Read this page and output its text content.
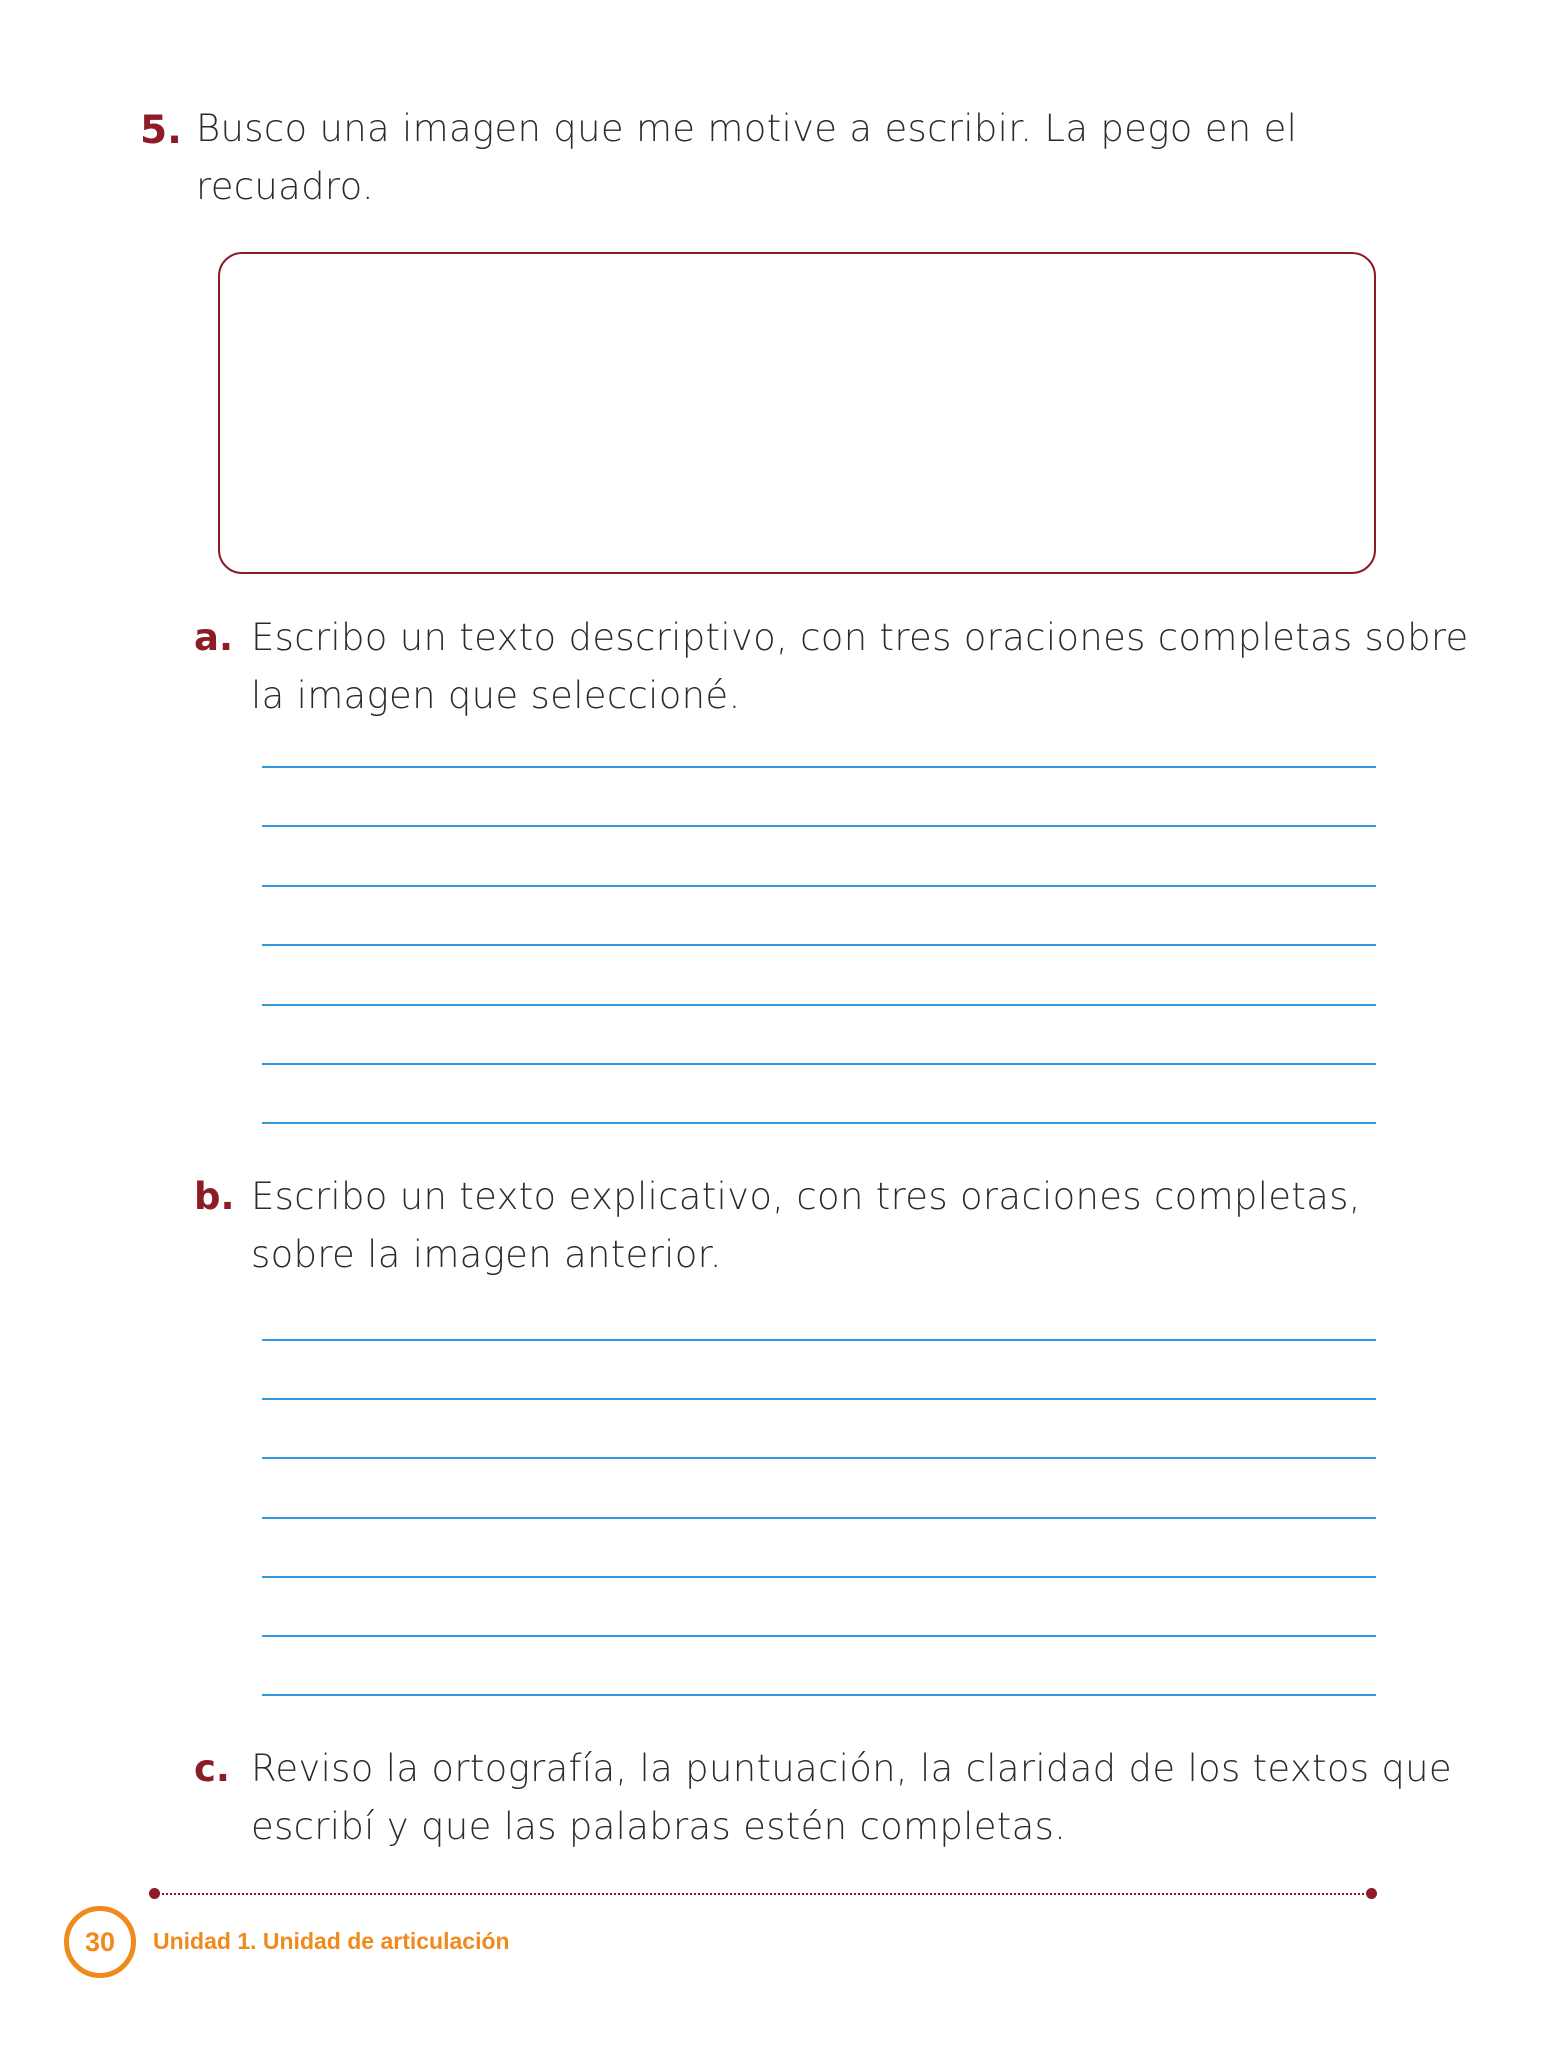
5. Busco una imagen que me motive a escribir. La pego en el
recuadro.
a. Escribo un texto descriptivo, con tres oraciones completas sobre
la imagen que seleccioné.
b. Escribo un texto explicativo, con tres oraciones completas,
sobre la imagen anterior.
c. Reviso la ortografía, la puntuación, la claridad de los textos que
escribí y que las palabras estén completas.
30 Unidad 1. Unidad de articulación
